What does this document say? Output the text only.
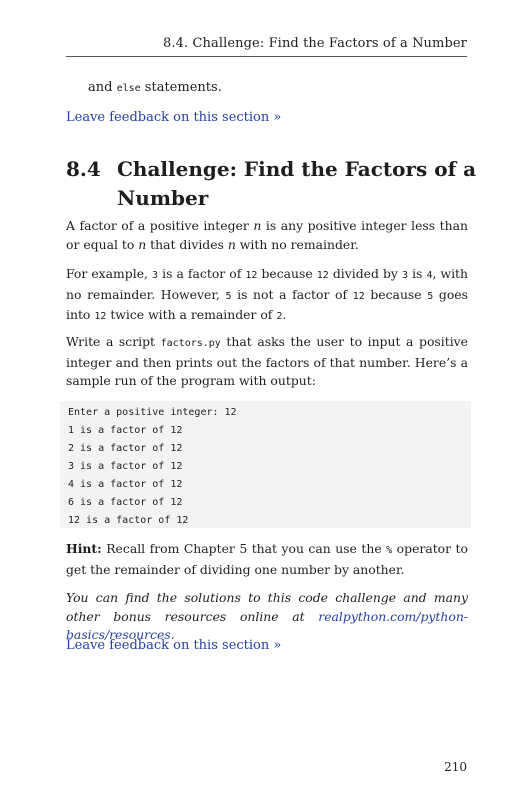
8.4. Challenge: Find the Factors of a Number
and else statements.
Leave feedback on this section »
8.4 Challenge: Find the Factors of a Number

A factor of a positive integer n is any positive integer less than or equal to n that divides n with no remainder.

For example, 3 is a factor of 12 because 12 divided by 3 is 4, with no remainder. However, 5 is not a factor of 12 because 5 goes into 12 twice with a remainder of 2.

Write a script factors.py that asks the user to input a positive integer and then prints out the factors of that number. Here’s a sample run of the program with output:

Enter a positive integer: 12
1 is a factor of 12
2 is a factor of 12
3 is a factor of 12
4 is a factor of 12
6 is a factor of 12
12 is a factor of 12

Hint: Recall from Chapter 5 that you can use the % operator to get the remainder of dividing one number by another.

You can find the solutions to this code challenge and many other bonus resources online at realpython.com/python-basics/resources.

Leave feedback on this section »
210
